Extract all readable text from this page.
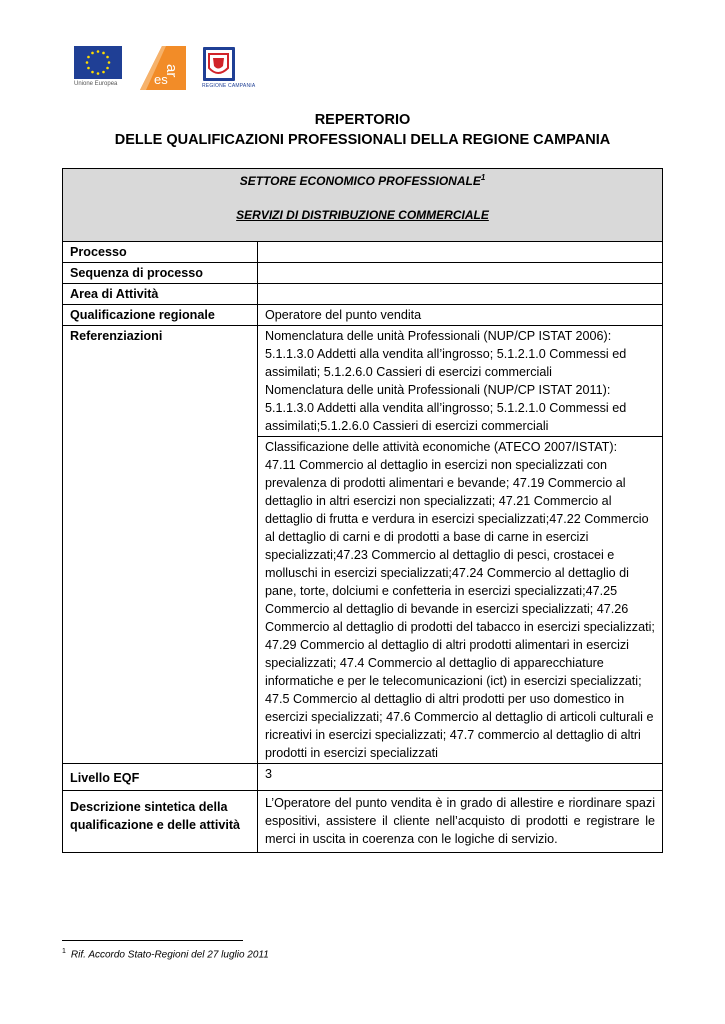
Unione Europea
ar
es	REGIONE CAMPANIA
REPERTORIO
DELLE QUALIFICAZIONI PROFESSIONALI DELLA REGIONE CAMPANIA
SETTORE ECONOMICO PROFESSIONALE$^1$
SERVIZI DI DISTRIBUZIONE COMMERCIALE	

Processo	
Sequenza di processo	
Area di Attività	
Qualificazione regionale	Operatore del punto vendita
Referenziazioni	Nomenclatura delle unità Professionali (NUP/CP ISTAT 2006):
5.1.1.3.0 Addetti alla vendita all’ingrosso; 5.1.2.1.0 Commessi ed assimilati; 5.1.2.6.0 Cassieri di esercizi commerciali
Nomenclatura delle unità Professionali (NUP/CP ISTAT 2011):
5.1.1.3.0 Addetti alla vendita all’ingrosso; 5.1.2.1.0 Commessi ed assimilati;5.1.2.6.0 Cassieri di esercizi commerciali

	Classificazione delle attività economiche (ATECO 2007/ISTAT):
47.11 Commercio al dettaglio in esercizi non specializzati con prevalenza di prodotti alimentari e bevande; 47.19 Commercio al dettaglio in altri esercizi non specializzati; 47.21 Commercio al dettaglio di frutta e verdura in esercizi specializzati;47.22 Commercio al dettaglio di carni e di prodotti a base di carne in esercizi specializzati;47.23 Commercio al dettaglio di pesci, crostacei e molluschi in esercizi specializzati;47.24 Commercio al dettaglio di pane, torte, dolciumi e confetteria in esercizi specializzati;47.25 Commercio al dettaglio di bevande in esercizi specializzati; 47.26 Commercio al dettaglio di prodotti del tabacco in esercizi specializzati; 47.29 Commercio al dettaglio di altri prodotti alimentari in esercizi specializzati; 47.4 Commercio al dettaglio di apparecchiature informatiche e per le telecomunicazioni (ict) in esercizi specializzati; 47.5 Commercio al dettaglio di altri prodotti per uso domestico in esercizi specializzati; 47.6 Commercio al dettaglio di articoli culturali e ricreativi in esercizi specializzati; 47.7 commercio al dettaglio di altri prodotti in esercizi specializzati

Livello EQF	3
Descrizione sintetica della qualificazione e delle attività	L’Operatore del punto vendita è in grado di allestire e riordinare spazi espositivi, assistere il cliente nell’acquisto di prodotti e registrare le merci in uscita in coerenza con le logiche di servizio.
$^1$ Rif. Accordo Stato-Regioni del 27 luglio 2011
